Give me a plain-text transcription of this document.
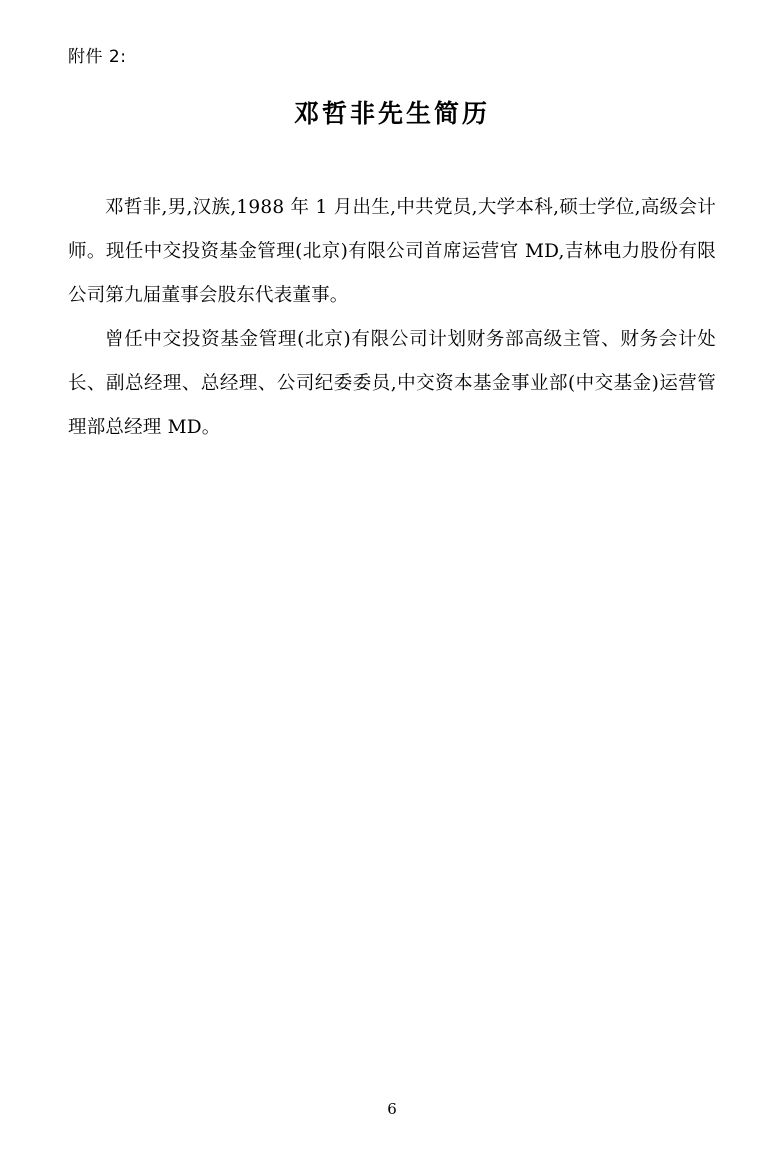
附件 2:
邓哲非先生简历

邓哲非,男,汉族,1988 年 1 月出生,中共党员,大学本科,硕士学位,高级会计师。现任中交投资基金管理(北京)有限公司首席运营官 MD,吉林电力股份有限公司第九届董事会股东代表董事。

曾任中交投资基金管理(北京)有限公司计划财务部高级主管、财务会计处长、副总经理、总经理、公司纪委委员,中交资本基金事业部(中交基金)运营管理部总经理 MD。

6
